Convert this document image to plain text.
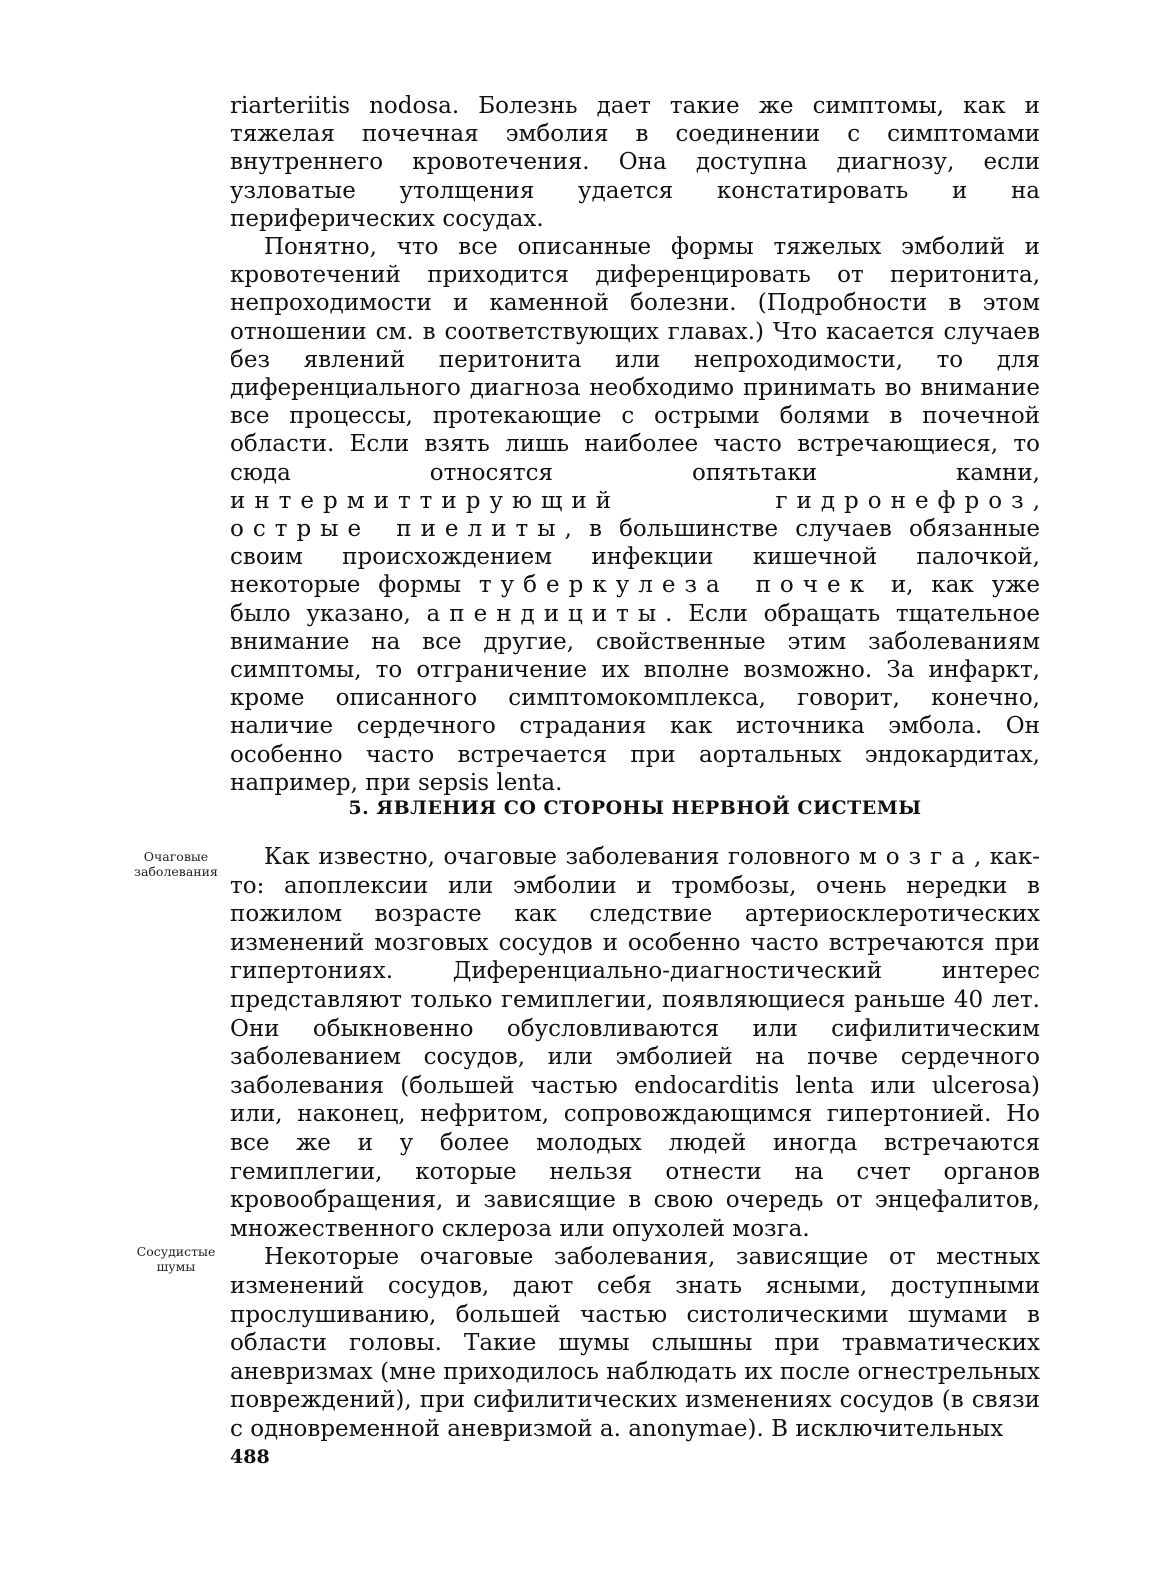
riarteriitis nodosa. Болезнь дает такие же симптомы, как и тяжелая почечная эмболия в соединении с симптомами внутреннего кровотечения. Она доступна диагнозу, если узловатые утолщения удается констатировать и на периферических сосудах.

Понятно, что все описанные формы тяжелых эмболий и кровотечений приходится диференцировать от перитонита, непроходимости и каменной болезни. (Подробности в этом отношении см. в соответствующих главах.) Что касается случаев без явлений перитонита или непроходимости, то для диференциального диагноза необходимо принимать во внимание все процессы, протекающие с острыми болями в почечной области. Если взять лишь наиболее часто встречающиеся, то сюда относятся опятьтаки камни, интермиттирующий гидронефроз, острые пиелиты, в большинстве случаев обязанные своим происхождением инфекции кишечной палочкой, некоторые формы туберкулеза почек и, как уже было указано, апендициты. Если обращать тщательное внимание на все другие, свойственные этим заболеваниям симптомы, то отграничение их вполне возможно. За инфаркт, кроме описанного симптомокомплекса, говорит, конечно, наличие сердечного страдания как источника эмбола. Он особенно часто встречается при аортальных эндокардитах, например, при sepsis lenta.

5. ЯВЛЕНИЯ СО СТОРОНЫ НЕРВНОЙ СИСТЕМЫ
Очаговые заболевания
Сосудистые шумы

Как известно, очаговые заболевания головного мозга, как-то: апоплексии или эмболии и тромбозы, очень нередки в пожилом возрасте как следствие артериосклеротических изменений мозговых сосудов и особенно часто встречаются при гипертониях. Диференциально-диагностический интерес представляют только гемиплегии, появляющиеся раньше 40 лет. Они обыкновенно обусловливаются или сифилитическим заболеванием сосудов, или эмболией на почве сердечного заболевания (большей частью endocarditis lenta или ulcerosa) или, наконец, нефритом, сопровождающимся гипертонией. Но все же и у более молодых людей иногда встречаются гемиплегии, которые нельзя отнести на счет органов кровообращения, и зависящие в свою очередь от энцефалитов, множественного склероза или опухолей мозга.

Некоторые очаговые заболевания, зависящие от местных изменений сосудов, дают себя знать ясными, доступными прослушиванию, большей частью систолическими шумами в области головы. Такие шумы слышны при травматических аневризмах (мне приходилось наблюдать их после огнестрельных повреждений), при сифилитических изменениях сосудов (в связи с одновременной аневризмой a. anonymae). В исключительных

488
